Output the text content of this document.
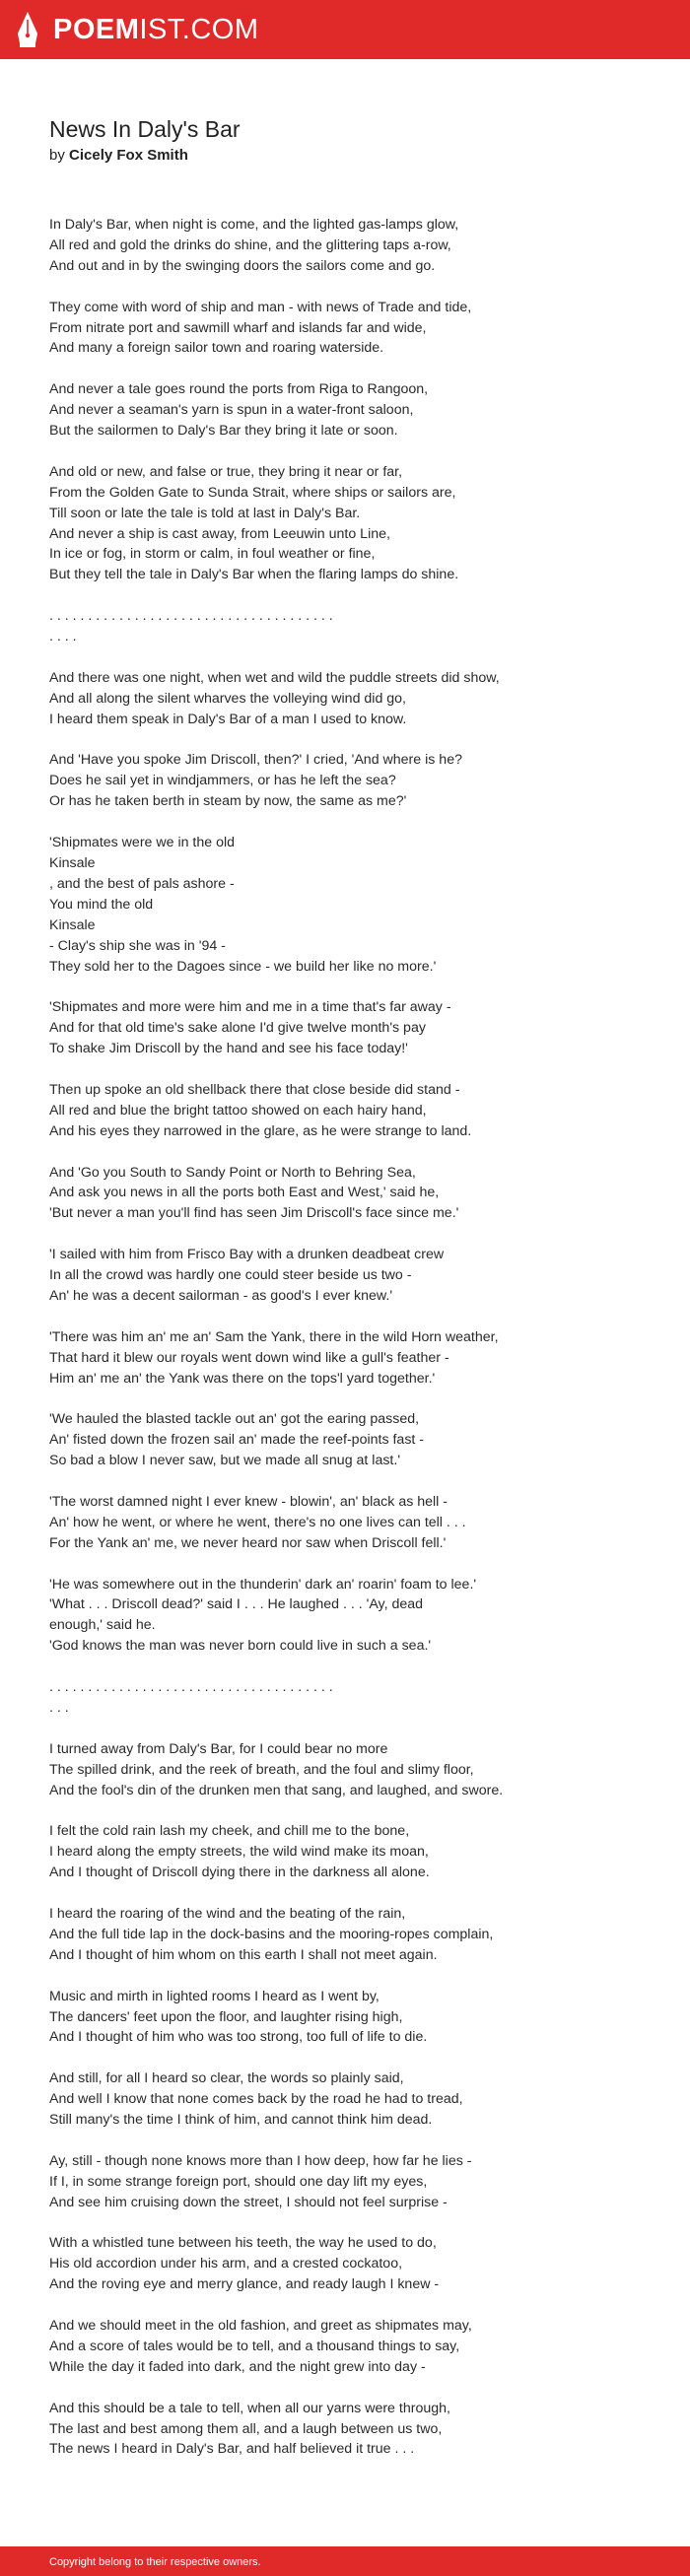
POEMIST.COM
News In Daly's Bar
by Cicely Fox Smith
In Daly's Bar, when night is come, and the lighted gas-lamps glow,
All red and gold the drinks do shine, and the glittering taps a-row,
And out and in by the swinging doors the sailors come and go.
They come with word of ship and man - with news of Trade and tide,
From nitrate port and sawmill wharf and islands far and wide,
And many a foreign sailor town and roaring waterside.
And never a tale goes round the ports from Riga to Rangoon,
And never a seaman's yarn is spun in a water-front saloon,
But the sailormen to Daly's Bar they bring it late or soon.
And old or new, and false or true, they bring it near or far,
From the Golden Gate to Sunda Strait, where ships or sailors are,
Till soon or late the tale is told at last in Daly's Bar.
And never a ship is cast away, from Leeuwin unto Line,
In ice or fog, in storm or calm, in foul weather or fine,
But they tell the tale in Daly's Bar when the flaring lamps do shine.
. . . . . . . . . . . . . . . . . . . . . . . . . . . . . . . . . . . . .
. . . .
And there was one night, when wet and wild the puddle streets did show,
And all along the silent wharves the volleying wind did go,
I heard them speak in Daly's Bar of a man I used to know.
And 'Have you spoke Jim Driscoll, then?' I cried, 'And where is he?
Does he sail yet in windjammers, or has he left the sea?
Or has he taken berth in steam by now, the same as me?'
'Shipmates were we in the old
Kinsale
, and the best of pals ashore -
You mind the old
Kinsale
- Clay's ship she was in '94 -
They sold her to the Dagoes since - we build her like no more.'
'Shipmates and more were him and me in a time that's far away -
And for that old time's sake alone I'd give twelve month's pay
To shake Jim Driscoll by the hand and see his face today!'
Then up spoke an old shellback there that close beside did stand -
All red and blue the bright tattoo showed on each hairy hand,
And his eyes they narrowed in the glare, as he were strange to land.
And 'Go you South to Sandy Point or North to Behring Sea,
And ask you news in all the ports both East and West,' said he,
'But never a man you'll find has seen Jim Driscoll's face since me.'
'I sailed with him from Frisco Bay with a drunken deadbeat crew
In all the crowd was hardly one could steer beside us two -
An' he was a decent sailorman - as good's I ever knew.'
'There was him an' me an' Sam the Yank, there in the wild Horn weather,
That hard it blew our royals went down wind like a gull's feather -
Him an' me an' the Yank was there on the tops'l yard together.'
'We hauled the blasted tackle out an' got the earing passed,
An' fisted down the frozen sail an' made the reef-points fast -
So bad a blow I never saw, but we made all snug at last.'
'The worst damned night I ever knew - blowin', an' black as hell -
An' how he went, or where he went, there's no one lives can tell . . .
For the Yank an' me, we never heard nor saw when Driscoll fell.'
'He was somewhere out in the thunderin' dark an' roarin' foam to lee.'
'What . . . Driscoll dead?' said I . . . He laughed . . . 'Ay, dead
enough,' said he.
'God knows the man was never born could live in such a sea.'
. . . . . . . . . . . . . . . . . . . . . . . . . . . . . . . . . . . . .
. . .
I turned away from Daly's Bar, for I could bear no more
The spilled drink, and the reek of breath, and the foul and slimy floor,
And the fool's din of the drunken men that sang, and laughed, and swore.
I felt the cold rain lash my cheek, and chill me to the bone,
I heard along the empty streets, the wild wind make its moan,
And I thought of Driscoll dying there in the darkness all alone.
I heard the roaring of the wind and the beating of the rain,
And the full tide lap in the dock-basins and the mooring-ropes complain,
And I thought of him whom on this earth I shall not meet again.
Music and mirth in lighted rooms I heard as I went by,
The dancers' feet upon the floor, and laughter rising high,
And I thought of him who was too strong, too full of life to die.
And still, for all I heard so clear, the words so plainly said,
And well I know that none comes back by the road he had to tread,
Still many's the time I think of him, and cannot think him dead.
Ay, still - though none knows more than I how deep, how far he lies -
If I, in some strange foreign port, should one day lift my eyes,
And see him cruising down the street, I should not feel surprise -
With a whistled tune between his teeth, the way he used to do,
His old accordion under his arm, and a crested cockatoo,
And the roving eye and merry glance, and ready laugh I knew -
And we should meet in the old fashion, and greet as shipmates may,
And a score of tales would be to tell, and a thousand things to say,
While the day it faded into dark, and the night grew into day -
And this should be a tale to tell, when all our yarns were through,
The last and best among them all, and a laugh between us two,
The news I heard in Daly's Bar, and half believed it true . . .
Copyright belong to their respective owners.
